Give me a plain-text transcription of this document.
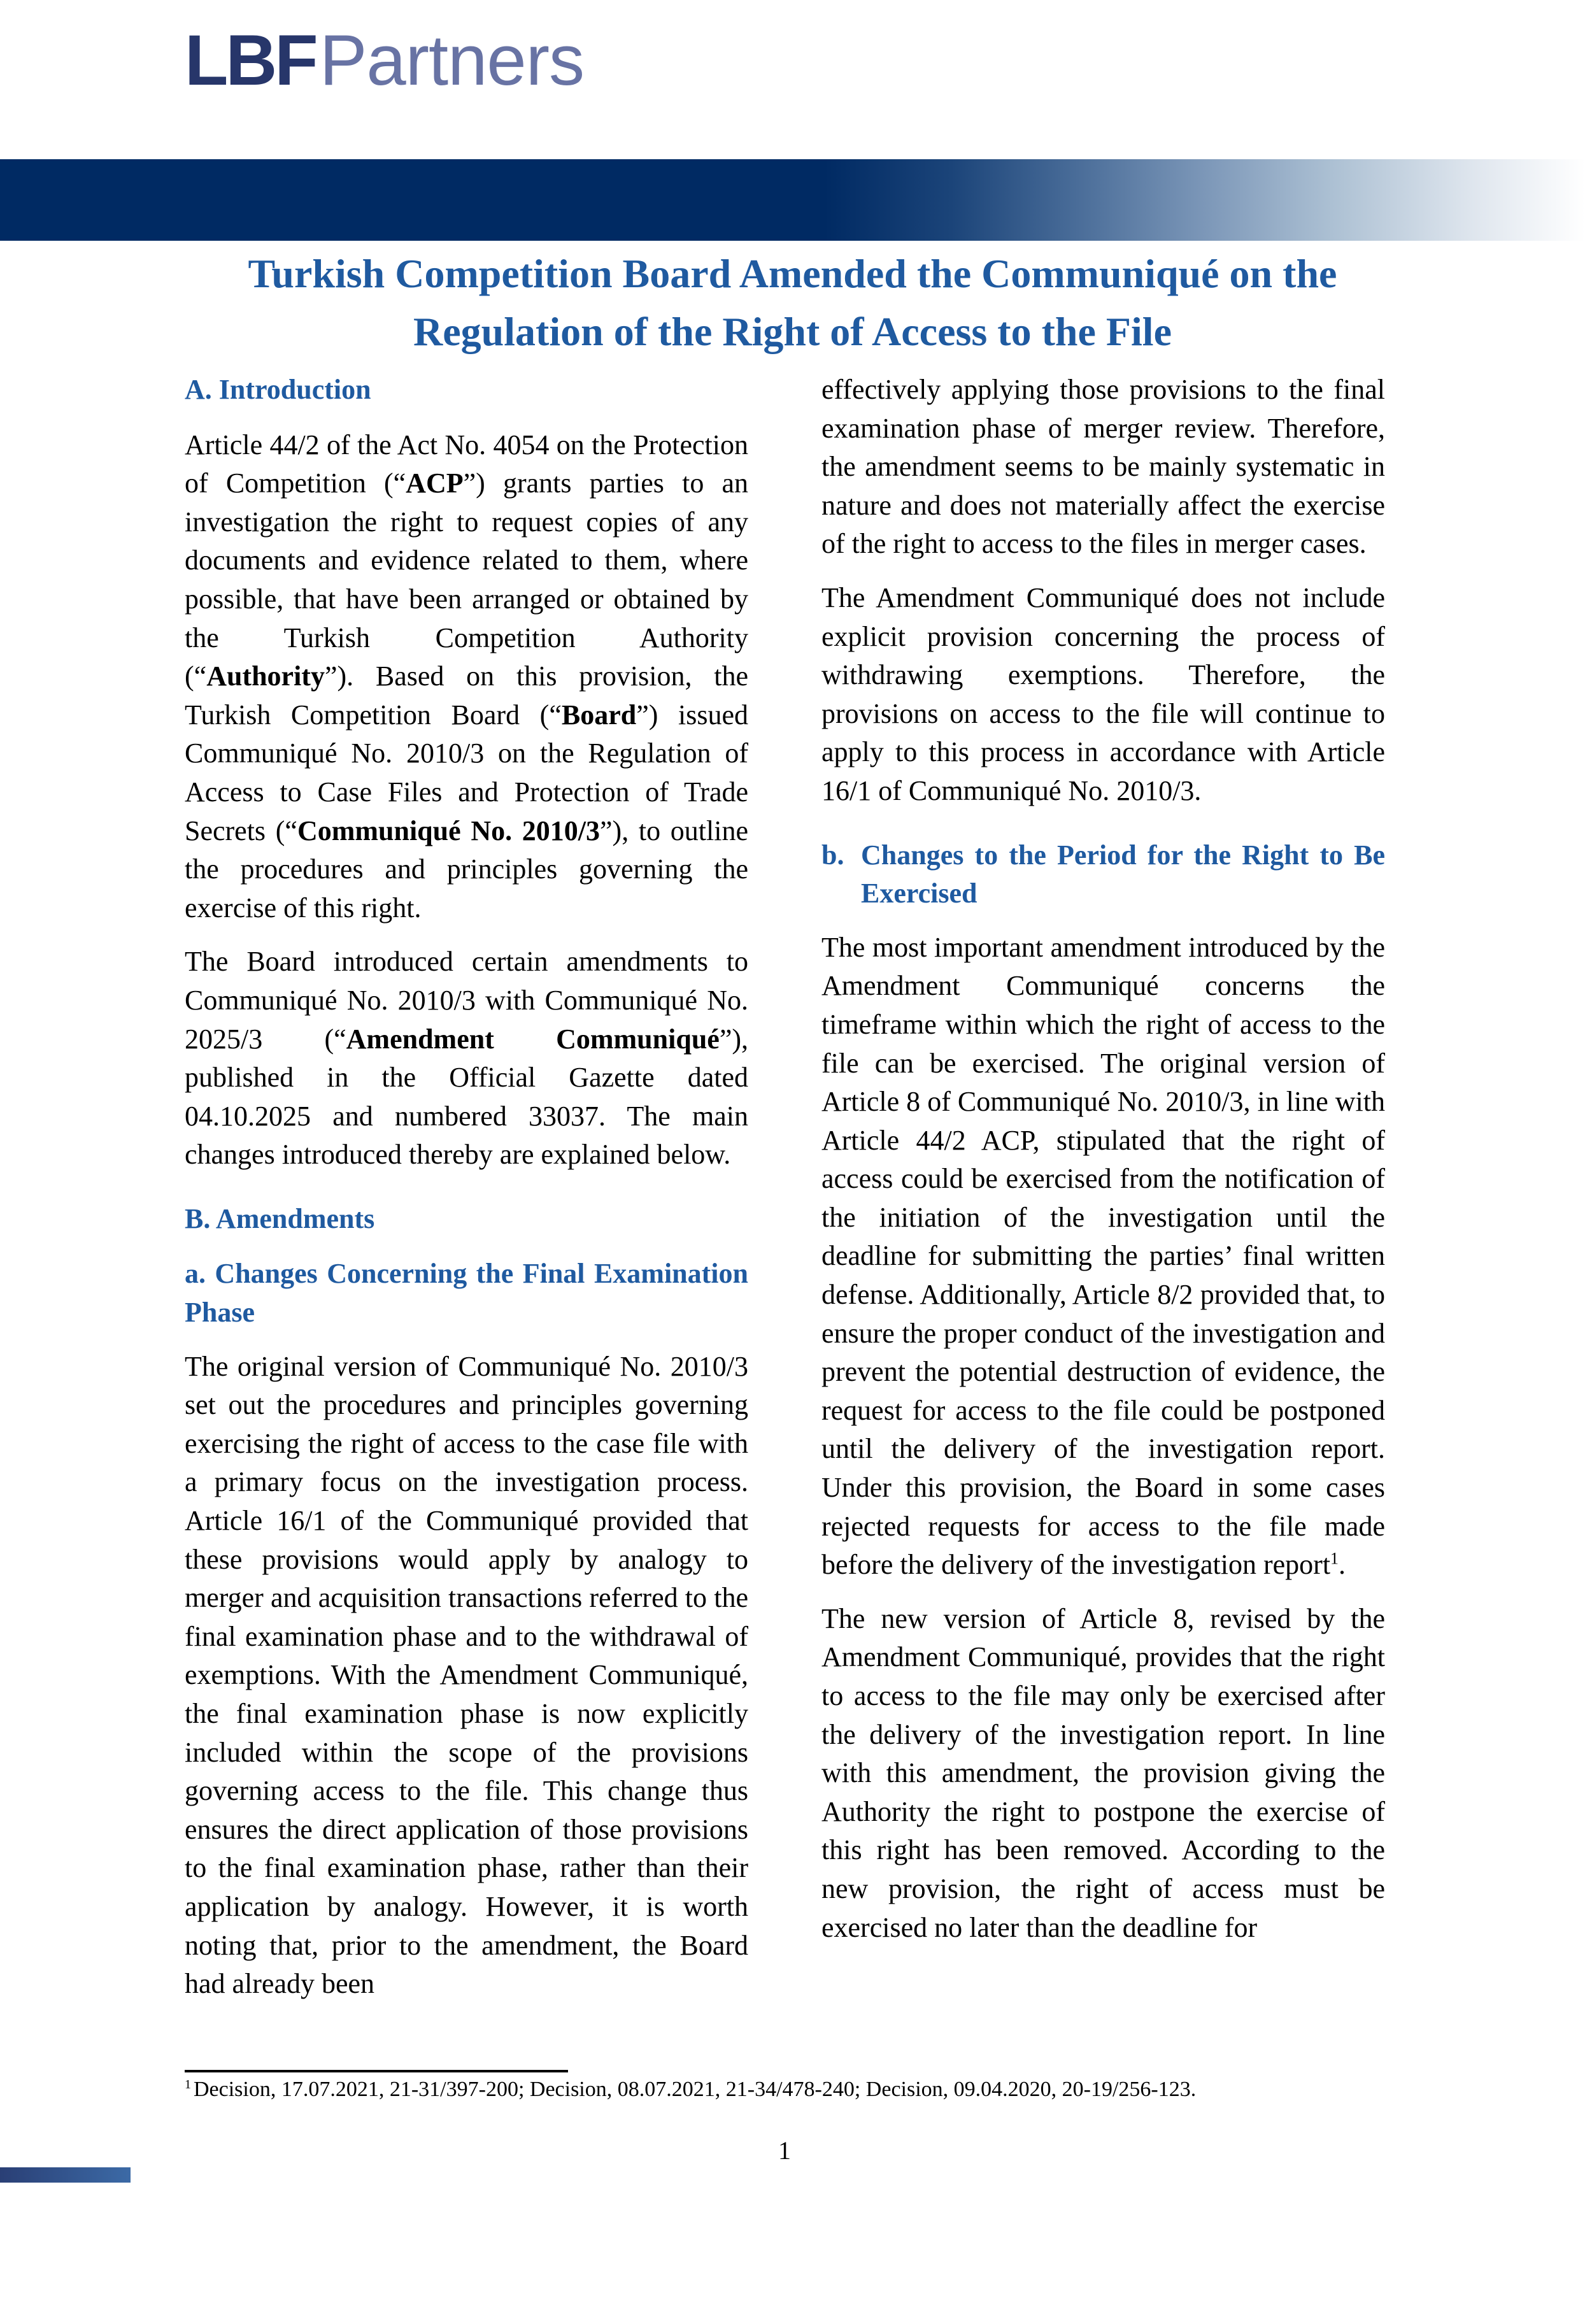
LBF Partners
Turkish Competition Board Amended the Communiqué on the
Regulation of the Right of Access to the File
A. Introduction
Article 44/2 of the Act No. 4054 on the Protection of Competition (“ACP”) grants parties to an investigation the right to request copies of any documents and evidence related to them, where possible, that have been arranged or obtained by the Turkish Competition Authority (“Authority”). Based on this provision, the Turkish Competition Board (“Board”) issued Communiqué No. 2010/3 on the Regulation of Access to Case Files and Protection of Trade Secrets (“Communiqué No. 2010/3”), to outline the procedures and principles governing the exercise of this right.
The Board introduced certain amendments to Communiqué No. 2010/3 with Communiqué No. 2025/3 (“Amendment Communiqué”), published in the Official Gazette dated 04.10.2025 and numbered 33037. The main changes introduced thereby are explained below.
B. Amendments
a. Changes Concerning the Final Examination Phase
The original version of Communiqué No. 2010/3 set out the procedures and principles governing exercising the right of access to the case file with a primary focus on the investigation process. Article 16/1 of the Communiqué provided that these provisions would apply by analogy to merger and acquisition transactions referred to the final examination phase and to the withdrawal of exemptions. With the Amendment Communiqué, the final examination phase is now explicitly included within the scope of the provisions governing access to the file. This change thus ensures the direct application of those provisions to the final examination phase, rather than their application by analogy. However, it is worth noting that, prior to the amendment, the Board had already been
effectively applying those provisions to the final examination phase of merger review. Therefore, the amendment seems to be mainly systematic in nature and does not materially affect the exercise of the right to access to the files in merger cases.
The Amendment Communiqué does not include explicit provision concerning the process of withdrawing exemptions. Therefore, the provisions on access to the file will continue to apply to this process in accordance with Article 16/1 of Communiqué No. 2010/3.
b. Changes to the Period for the Right to Be Exercised
The most important amendment introduced by the Amendment Communiqué concerns the timeframe within which the right of access to the file can be exercised. The original version of Article 8 of Communiqué No. 2010/3, in line with Article 44/2 ACP, stipulated that the right of access could be exercised from the notification of the initiation of the investigation until the deadline for submitting the parties’ final written defense. Additionally, Article 8/2 provided that, to ensure the proper conduct of the investigation and prevent the potential destruction of evidence, the request for access to the file could be postponed until the delivery of the investigation report. Under this provision, the Board in some cases rejected requests for access to the file made before the delivery of the investigation report$^1$.
The new version of Article 8, revised by the Amendment Communiqué, provides that the right to access to the file may only be exercised after the delivery of the investigation report. In line with this amendment, the provision giving the Authority the right to postpone the exercise of this right has been removed. According to the new provision, the right of access must be exercised no later than the deadline for
$^1$ Decision, 17.07.2021, 21-31/397-200; Decision, 08.07.2021, 21-34/478-240; Decision, 09.04.2020, 20-19/256-123.
1
